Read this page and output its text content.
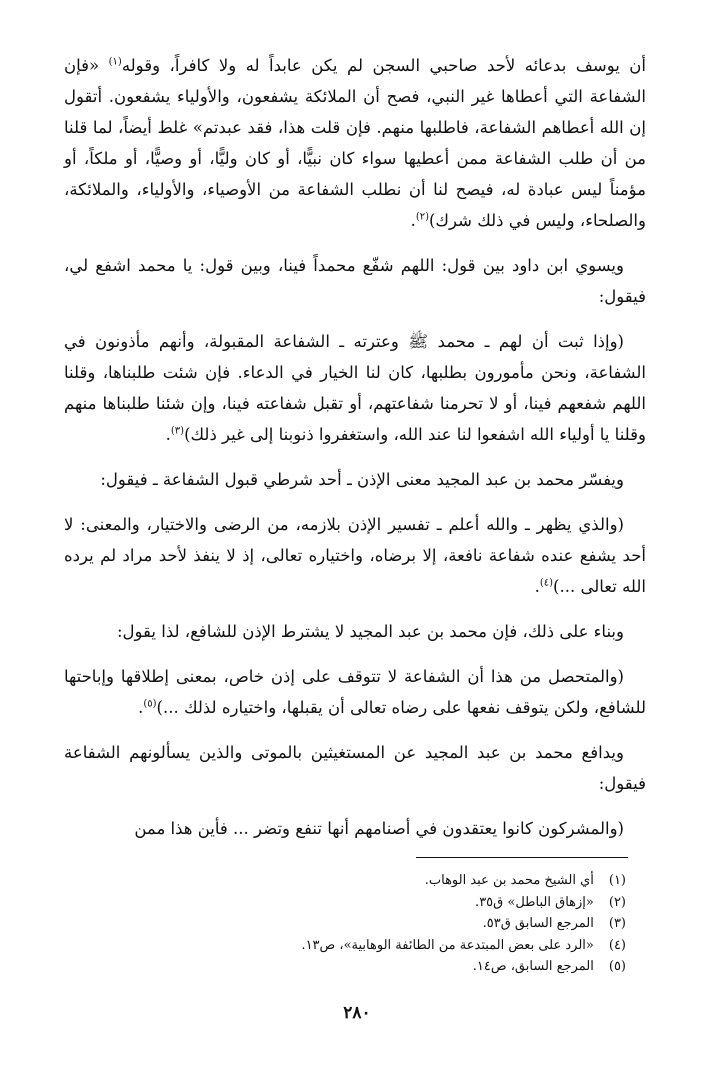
أن يوسف بدعائه لأحد صاحبي السجن لم يكن عابداً له ولا كافراً، وقوله$^{(١)}$ «فإن الشفاعة التي أعطاها غير النبي، فصح أن الملائكة يشفعون، والأولياء يشفعون. أتقول إن الله أعطاهم الشفاعة، فاطلبها منهم. فإن قلت هذا، فقد عبدتم» غلط أيضاً، لما قلنا من أن طلب الشفاعة ممن أعطيها سواء كان نبيًّا، أو كان وليًّا، أو وصيًّا، أو ملكاً، أو مؤمناً ليس عبادة له، فيصح لنا أن نطلب الشفاعة من الأوصياء، والأولياء، والملائكة، والصلحاء، وليس في ذلك شرك)$^{(٢)}$.

ويسوي ابن داود بين قول: اللهم شفّع محمداً فينا، وبين قول: يا محمد اشفع لي، فيقول:

(وإذا ثبت أن لهم ـ محمد ﷺ وعترته ـ الشفاعة المقبولة، وأنهم مأذونون في الشفاعة، ونحن مأمورون بطلبها، كان لنا الخيار في الدعاء. فإن شئت طلبناها، وقلنا اللهم شفعهم فينا، أو لا تحرمنا شفاعتهم، أو تقبل شفاعته فينا، وإن شئنا طلبناها منهم وقلنا يا أولياء الله اشفعوا لنا عند الله، واستغفروا ذنوبنا إلى غير ذلك)$^{(٣)}$.

ويفسّر محمد بن عبد المجيد معنى الإذن ـ أحد شرطي قبول الشفاعة ـ فيقول:

(والذي يظهر ـ والله أعلم ـ تفسير الإذن بلازمه، من الرضى والاختيار، والمعنى: لا أحد يشفع عنده شفاعة نافعة، إلا برضاه، واختياره تعالى، إذ لا ينفذ لأحد مراد لم يرده الله تعالى ...)$^{(٤)}$.

وبناء على ذلك، فإن محمد بن عبد المجيد لا يشترط الإذن للشافع، لذا يقول:

(والمتحصل من هذا أن الشفاعة لا تتوقف على إذن خاص، بمعنى إطلاقها وإباحتها للشافع، ولكن يتوقف نفعها على رضاه تعالى أن يقبلها، واختياره لذلك ...)$^{(٥)}$.

ويدافع محمد بن عبد المجيد عن المستغيثين بالموتى والذين يسألونهم الشفاعة فيقول:

(والمشركون كانوا يعتقدون في أصنامهم أنها تنفع وتضر ... فأين هذا ممن

(١) أي الشيخ محمد بن عبد الوهاب.
(٢) «إزهاق الباطل» ق٣٥.
(٣) المرجع السابق ق٥٣.
(٤) «الرد على بعض المبتدعة من الطائفة الوهابية»، ص١٣.
(٥) المرجع السابق، ص١٤.
٢٨٠
